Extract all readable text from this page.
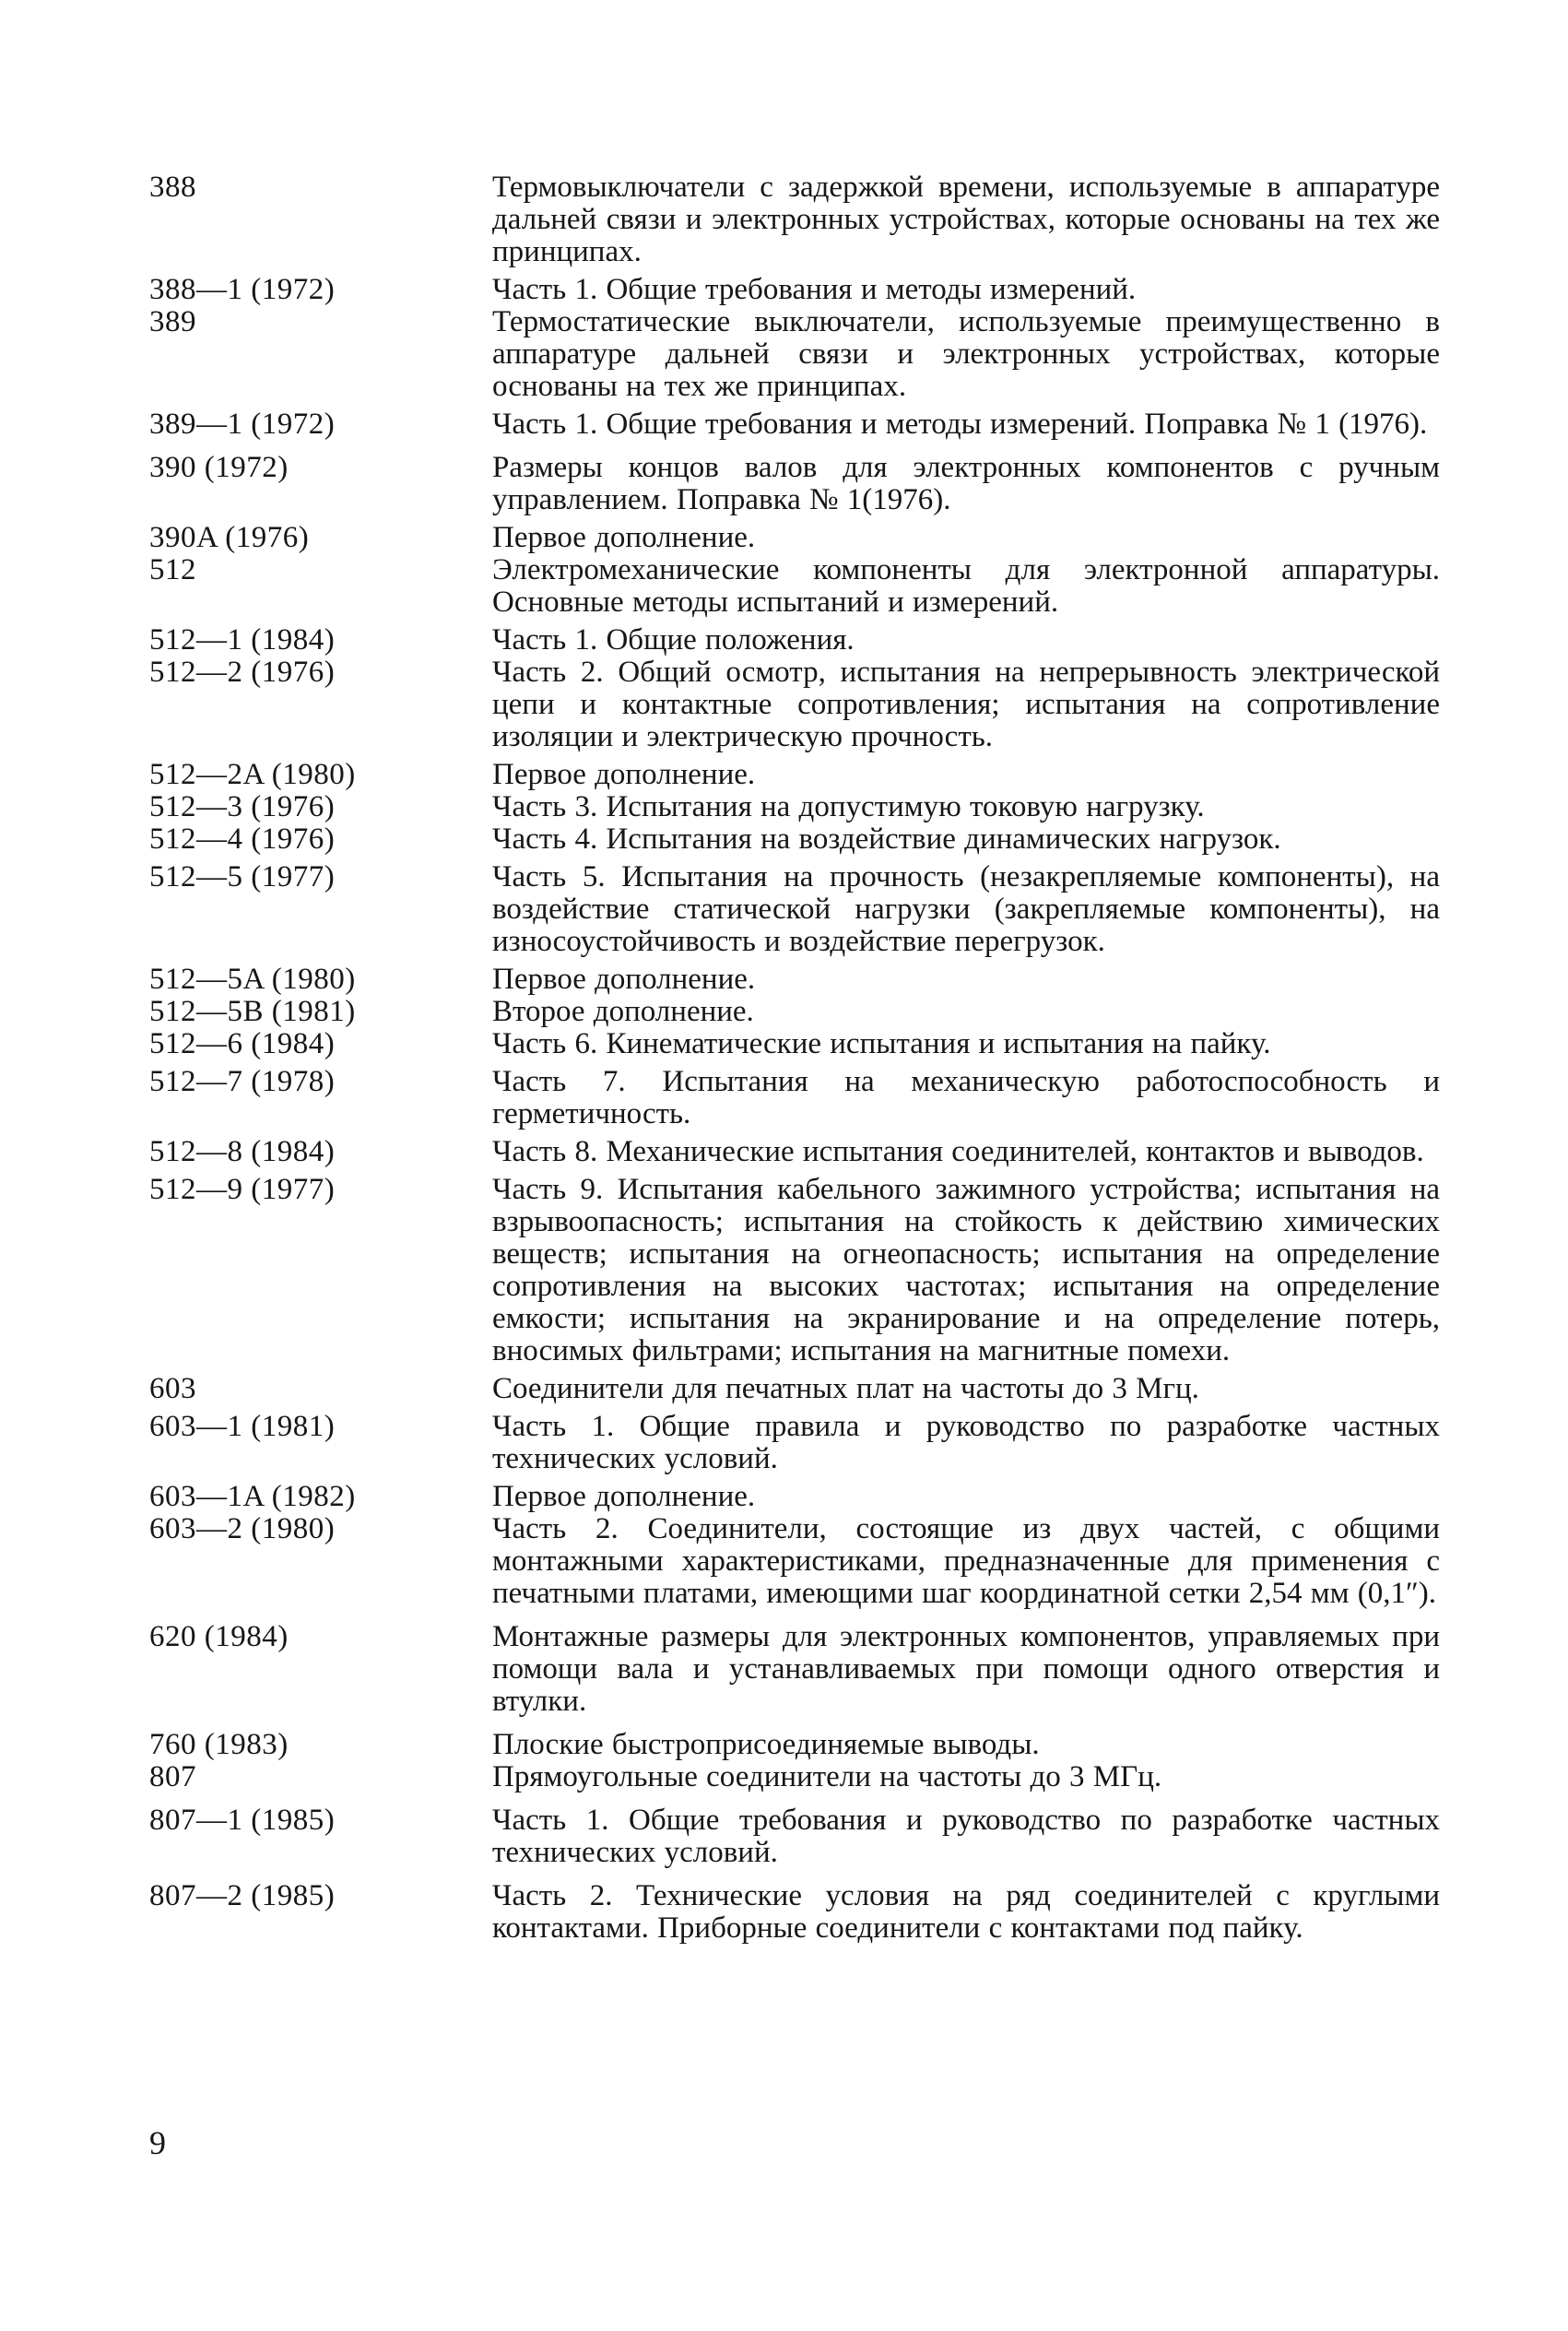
388	Термовыключатели с задержкой времени, используемые в аппаратуре дальней связи и электронных устройствах, которые основаны на тех же принципах.
388—1 (1972)	Часть 1. Общие требования и методы измерений.
389	Термостатические выключатели, используемые преимущественно в аппаратуре дальней связи и электронных устройствах, которые основаны на тех же принципах.
389—1 (1972)	Часть 1. Общие требования и методы измерений. Поправка № 1 (1976).
390 (1972)	Размеры концов валов для электронных компонентов с ручным управлением. Поправка № 1(1976).
390A (1976)	Первое дополнение.
512	Электромеханические компоненты для электронной аппаратуры. Основные методы испытаний и измерений.
512—1 (1984)	Часть 1. Общие положения.
512—2 (1976)	Часть 2. Общий осмотр, испытания на непрерывность электрической цепи и контактные сопротивления; испытания на сопротивление изоляции и электрическую прочность.
512—2A (1980)	Первое дополнение.
512—3 (1976)	Часть 3. Испытания на допустимую токовую нагрузку.
512—4 (1976)	Часть 4. Испытания на воздействие динамических нагрузок.
512—5 (1977)	Часть 5. Испытания на прочность (незакрепляемые компоненты), на воздействие статической нагрузки (закрепляемые компоненты), на износоустойчивость и воздействие перегрузок.
512—5A (1980)	Первое дополнение.
512—5B (1981)	Второе дополнение.
512—6 (1984)	Часть 6. Кинематические испытания и испытания на пайку.
512—7 (1978)	Часть 7. Испытания на механическую работоспособность и герметичность.
512—8 (1984)	Часть 8. Механические испытания соединителей, контактов и выводов.
512—9 (1977)	Часть 9. Испытания кабельного зажимного устройства; испытания на взрывоопасность; испытания на стойкость к действию химических веществ; испытания на огнеопасность; испытания на определение сопротивления на высоких частотах; испытания на определение емкости; испытания на экранирование и на определение потерь, вносимых фильтрами; испытания на магнитные помехи.
603	Соединители для печатных плат на частоты до 3 Мгц.
603—1 (1981)	Часть 1. Общие правила и руководство по разработке частных технических условий.
603—1A (1982)	Первое дополнение.
603—2 (1980)	Часть 2. Соединители, состоящие из двух частей, с общими монтажными характеристиками, предназначенные для применения с печатными платами, имеющими шаг координатной сетки 2,54 мм (0,1″).
620 (1984)	Монтажные размеры для электронных компонентов, управляемых при помощи вала и устанавливаемых при помощи одного отверстия и втулки.
760 (1983)	Плоские быстроприсоединяемые выводы.
807	Прямоугольные соединители на частоты до 3 МГц.
807—1 (1985)	Часть 1. Общие требования и руководство по разработке частных технических условий.
807—2 (1985)	Часть 2. Технические условия на ряд соединителей с круглыми контактами. Приборные соединители с контактами под пайку.
9
